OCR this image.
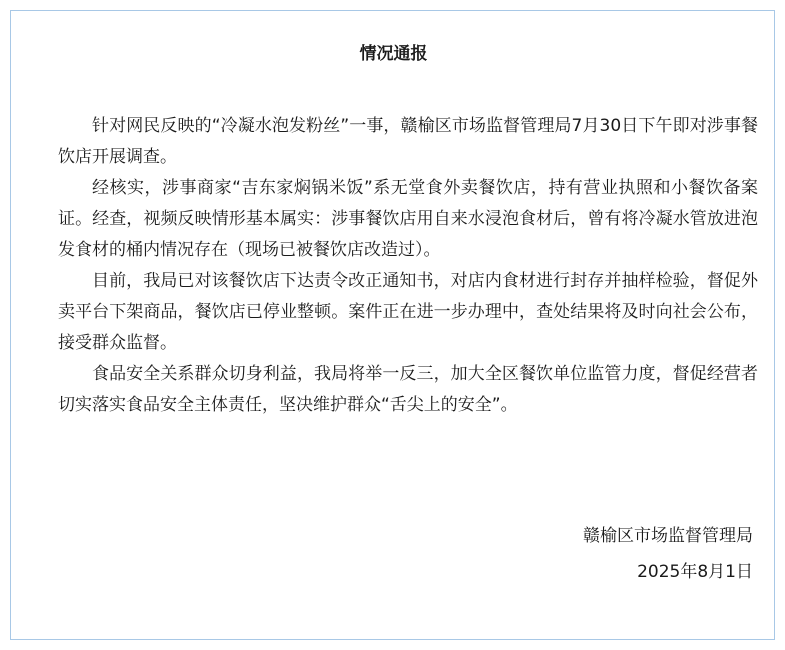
情况通报

针对网民反映的“冷凝水泡发粉丝”一事，赣榆区市场监督管理局7月30日下午即对涉事餐饮店开展调查。

经核实，涉事商家“吉东家焖锅米饭”系无堂食外卖餐饮店，持有营业执照和小餐饮备案证。经查，视频反映情形基本属实：涉事餐饮店用自来水浸泡食材后，曾有将冷凝水管放进泡发食材的桶内情况存在（现场已被餐饮店改造过）。

目前，我局已对该餐饮店下达责令改正通知书，对店内食材进行封存并抽样检验，督促外卖平台下架商品，餐饮店已停业整顿。案件正在进一步办理中，查处结果将及时向社会公布，接受群众监督。

食品安全关系群众切身利益，我局将举一反三，加大全区餐饮单位监管力度，督促经营者切实落实食品安全主体责任，坚决维护群众“舌尖上的安全”。

赣榆区市场监督管理局
2025年8月1日
